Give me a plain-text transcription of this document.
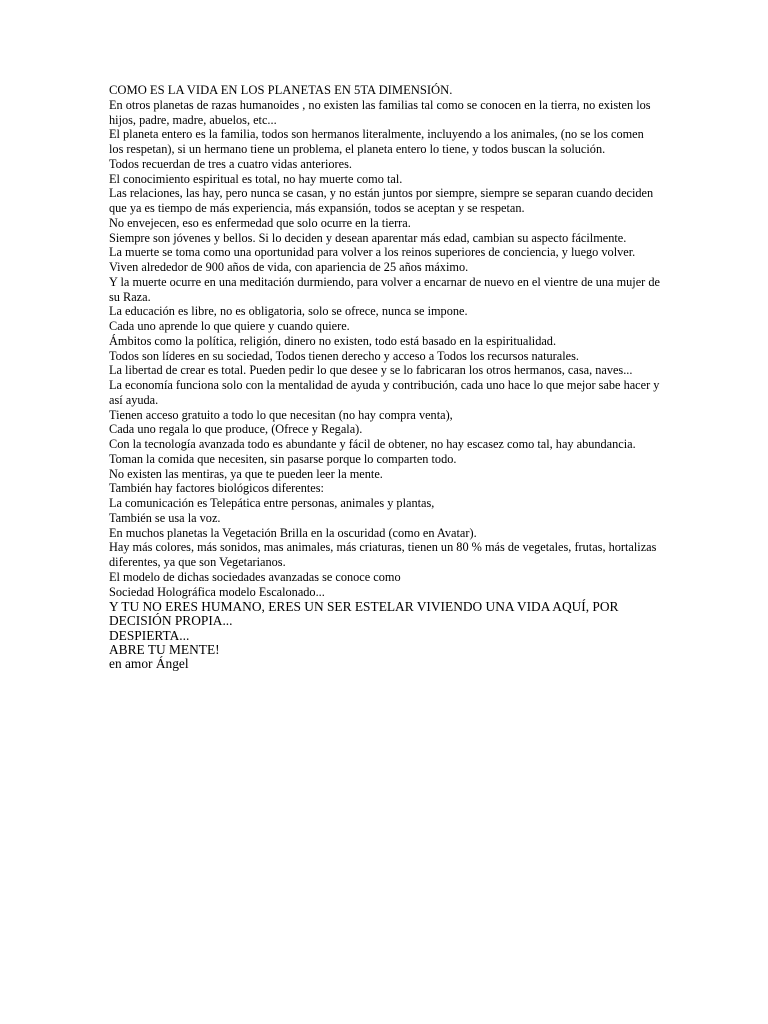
COMO ES LA VIDA EN LOS PLANETAS EN 5TA DIMENSIÓN.

En otros planetas de razas humanoides , no existen las familias tal como se conocen en la tierra, no existen los hijos, padre, madre, abuelos, etc...

El planeta entero es la familia, todos son hermanos literalmente, incluyendo a los animales, (no se los comen los respetan), si un hermano tiene un problema, el planeta entero lo tiene, y todos buscan la solución.

Todos recuerdan de tres a cuatro vidas anteriores.

El conocimiento espiritual es total, no hay muerte como tal.

Las relaciones, las hay, pero nunca se casan, y no están juntos por siempre, siempre se separan cuando deciden que ya es tiempo de más experiencia, más expansión, todos se aceptan y se respetan.

No envejecen, eso es enfermedad que solo ocurre en la tierra.

Siempre son jóvenes y bellos. Si lo deciden y desean aparentar más edad, cambian su aspecto fácilmente.

La muerte se toma como una oportunidad para volver a los reinos superiores de conciencia, y luego volver.

Viven alrededor de 900 años de vida, con apariencia de 25 años máximo.

Y la muerte ocurre en una meditación durmiendo, para volver a encarnar de nuevo en el vientre de una mujer de su Raza.

La educación es libre, no es obligatoria, solo se ofrece, nunca se impone.

Cada uno aprende lo que quiere y cuando quiere.

Ámbitos como la política, religión, dinero no existen, todo está basado en la espiritualidad.

Todos son líderes en su sociedad, Todos tienen derecho y acceso a Todos los recursos naturales.

La libertad de crear es total. Pueden pedir lo que desee y se lo fabricaran los otros hermanos, casa, naves...

La economía funciona solo con la mentalidad de ayuda y contribución, cada uno hace lo que mejor sabe hacer y así ayuda.

Tienen acceso gratuito a todo lo que necesitan (no hay compra venta),

Cada uno regala lo que produce, (Ofrece y Regala).

Con la tecnología avanzada todo es abundante y fácil de obtener, no hay escasez como tal, hay abundancia.

Toman la comida que necesiten, sin pasarse porque lo comparten todo.

No existen las mentiras, ya que te pueden leer la mente.

También hay factores biológicos diferentes:

La comunicación es Telepática entre personas, animales y plantas,

También se usa la voz.

En muchos planetas la Vegetación Brilla en la oscuridad (como en Avatar).

Hay más colores, más sonidos, mas animales, más criaturas, tienen un 80 % más de vegetales, frutas, hortalizas diferentes, ya que son Vegetarianos.

El modelo de dichas sociedades avanzadas se conoce como

Sociedad Holográfica modelo Escalonado...

Y TU NO ERES HUMANO, ERES UN SER ESTELAR VIVIENDO UNA VIDA AQUÍ, POR DECISIÓN PROPIA...

DESPIERTA...

ABRE TU MENTE!

en amor Ángel
